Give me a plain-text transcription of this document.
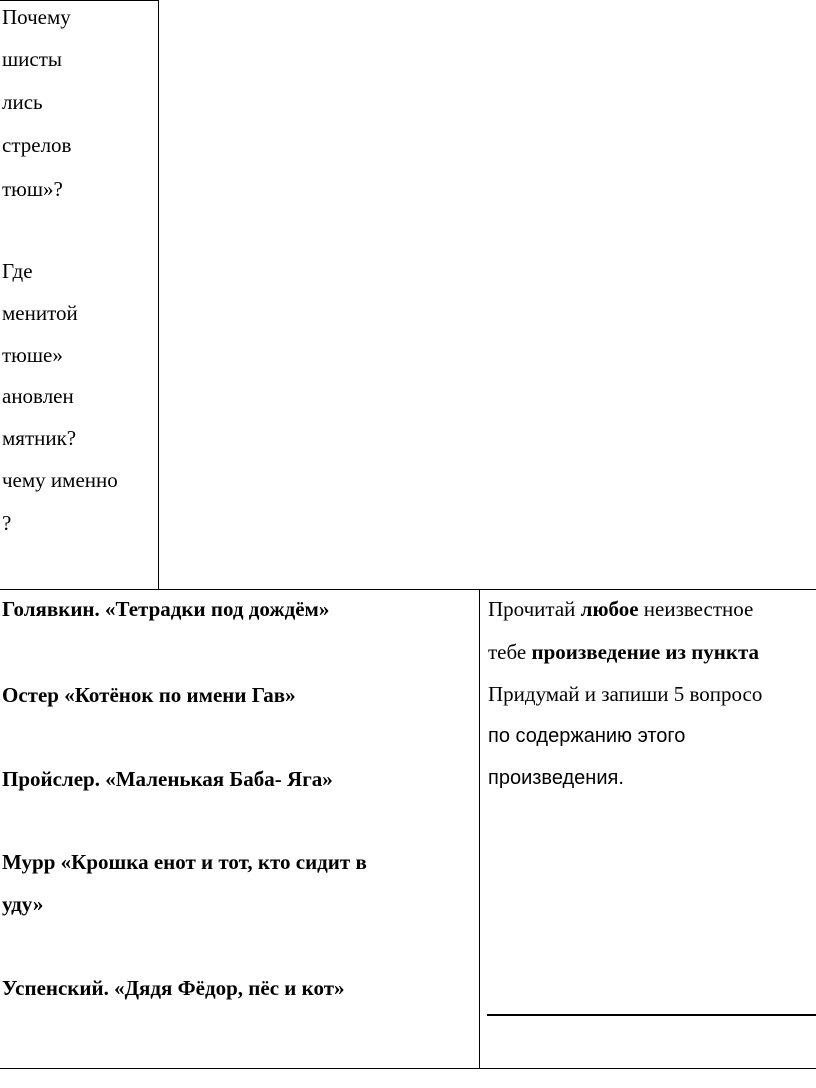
Почему
шисты
лись
стрелов
тюш»?
Где
менитой
тюше»
ановлен
мятник?
чему именно
?
Голявкин. «Тетрадки под дождём»
Остер «Котёнок по имени Гав»
Пройслер. «Маленькая Баба- Яга»
Мурр «Крошка енот и тот, кто сидит в
уду»
Успенский. «Дядя Фёдор, пёс и кот»
Прочитай любое неизвестное
тебе произведение из пункта
Придумай и запиши 5 вопросо
по содержанию этого
произведения.
